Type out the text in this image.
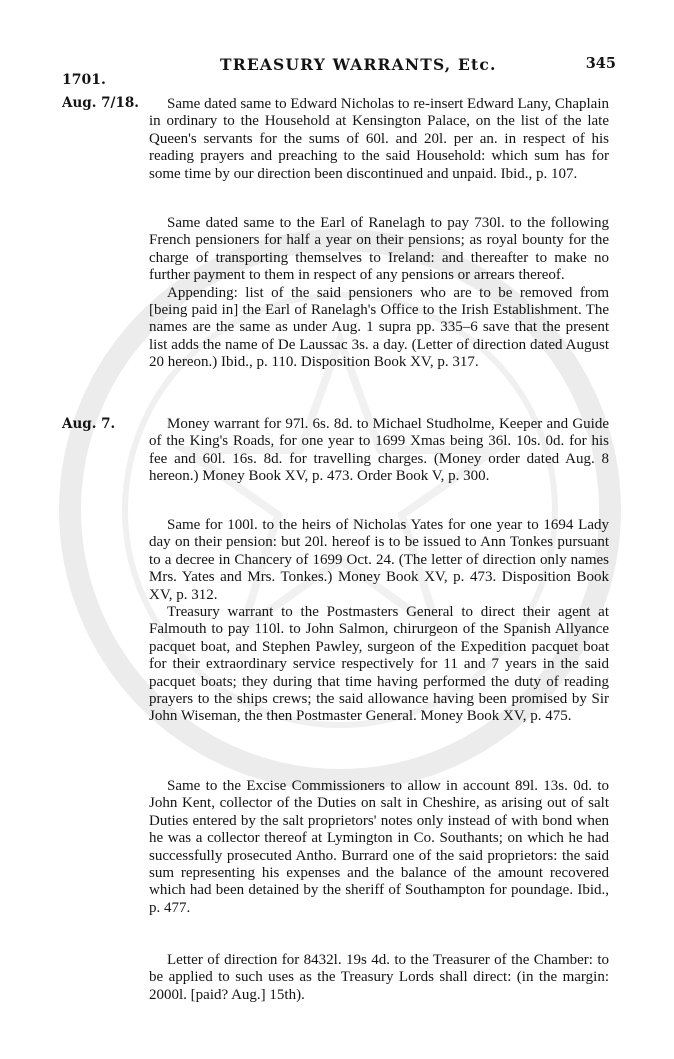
1701.
TREASURY WARRANTS, Etc.	345
Aug. 7/18.
Aug. 7.

Same dated same to Edward Nicholas to re-insert Edward Lany, Chaplain in ordinary to the Household at Kensington Palace, on the list of the late Queen's servants for the sums of 60l. and 20l. per an. in respect of his reading prayers and preaching to the said Household: which sum has for some time by our direction been discontinued and unpaid. Ibid., p. 107.

Same dated same to the Earl of Ranelagh to pay 730l. to the following French pensioners for half a year on their pensions; as royal bounty for the charge of transporting themselves to Ireland: and thereafter to make no further payment to them in respect of any pensions or arrears thereof.

Appending: list of the said pensioners who are to be removed from [being paid in] the Earl of Ranelagh's Office to the Irish Establishment. The names are the same as under Aug. 1 supra pp. 335–6 save that the present list adds the name of De Laussac 3s. a day. (Letter of direction dated August 20 hereon.) Ibid., p. 110. Disposition Book XV, p. 317.

Money warrant for 97l. 6s. 8d. to Michael Studholme, Keeper and Guide of the King's Roads, for one year to 1699 Xmas being 36l. 10s. 0d. for his fee and 60l. 16s. 8d. for travelling charges. (Money order dated Aug. 8 hereon.) Money Book XV, p. 473. Order Book V, p. 300.

Same for 100l. to the heirs of Nicholas Yates for one year to 1694 Lady day on their pension: but 20l. hereof is to be issued to Ann Tonkes pursuant to a decree in Chancery of 1699 Oct. 24. (The letter of direction only names Mrs. Yates and Mrs. Tonkes.) Money Book XV, p. 473. Disposition Book XV, p. 312.

Treasury warrant to the Postmasters General to direct their agent at Falmouth to pay 110l. to John Salmon, chirurgeon of the Spanish Allyance pacquet boat, and Stephen Pawley, surgeon of the Expedition pacquet boat for their extraordinary service respectively for 11 and 7 years in the said pacquet boats; they during that time having performed the duty of reading prayers to the ships crews; the said allowance having been promised by Sir John Wiseman, the then Postmaster General. Money Book XV, p. 475.

Same to the Excise Commissioners to allow in account 89l. 13s. 0d. to John Kent, collector of the Duties on salt in Cheshire, as arising out of salt Duties entered by the salt proprietors' notes only instead of with bond when he was a collector thereof at Lymington in Co. Southants; on which he had successfully prosecuted Antho. Burrard one of the said proprietors: the said sum representing his expenses and the balance of the amount recovered which had been detained by the sheriff of Southampton for poundage. Ibid., p. 477.

Letter of direction for 8432l. 19s 4d. to the Treasurer of the Chamber: to be applied to such uses as the Treasury Lords shall direct: (in the margin: 2000l. [paid? Aug.] 15th).
